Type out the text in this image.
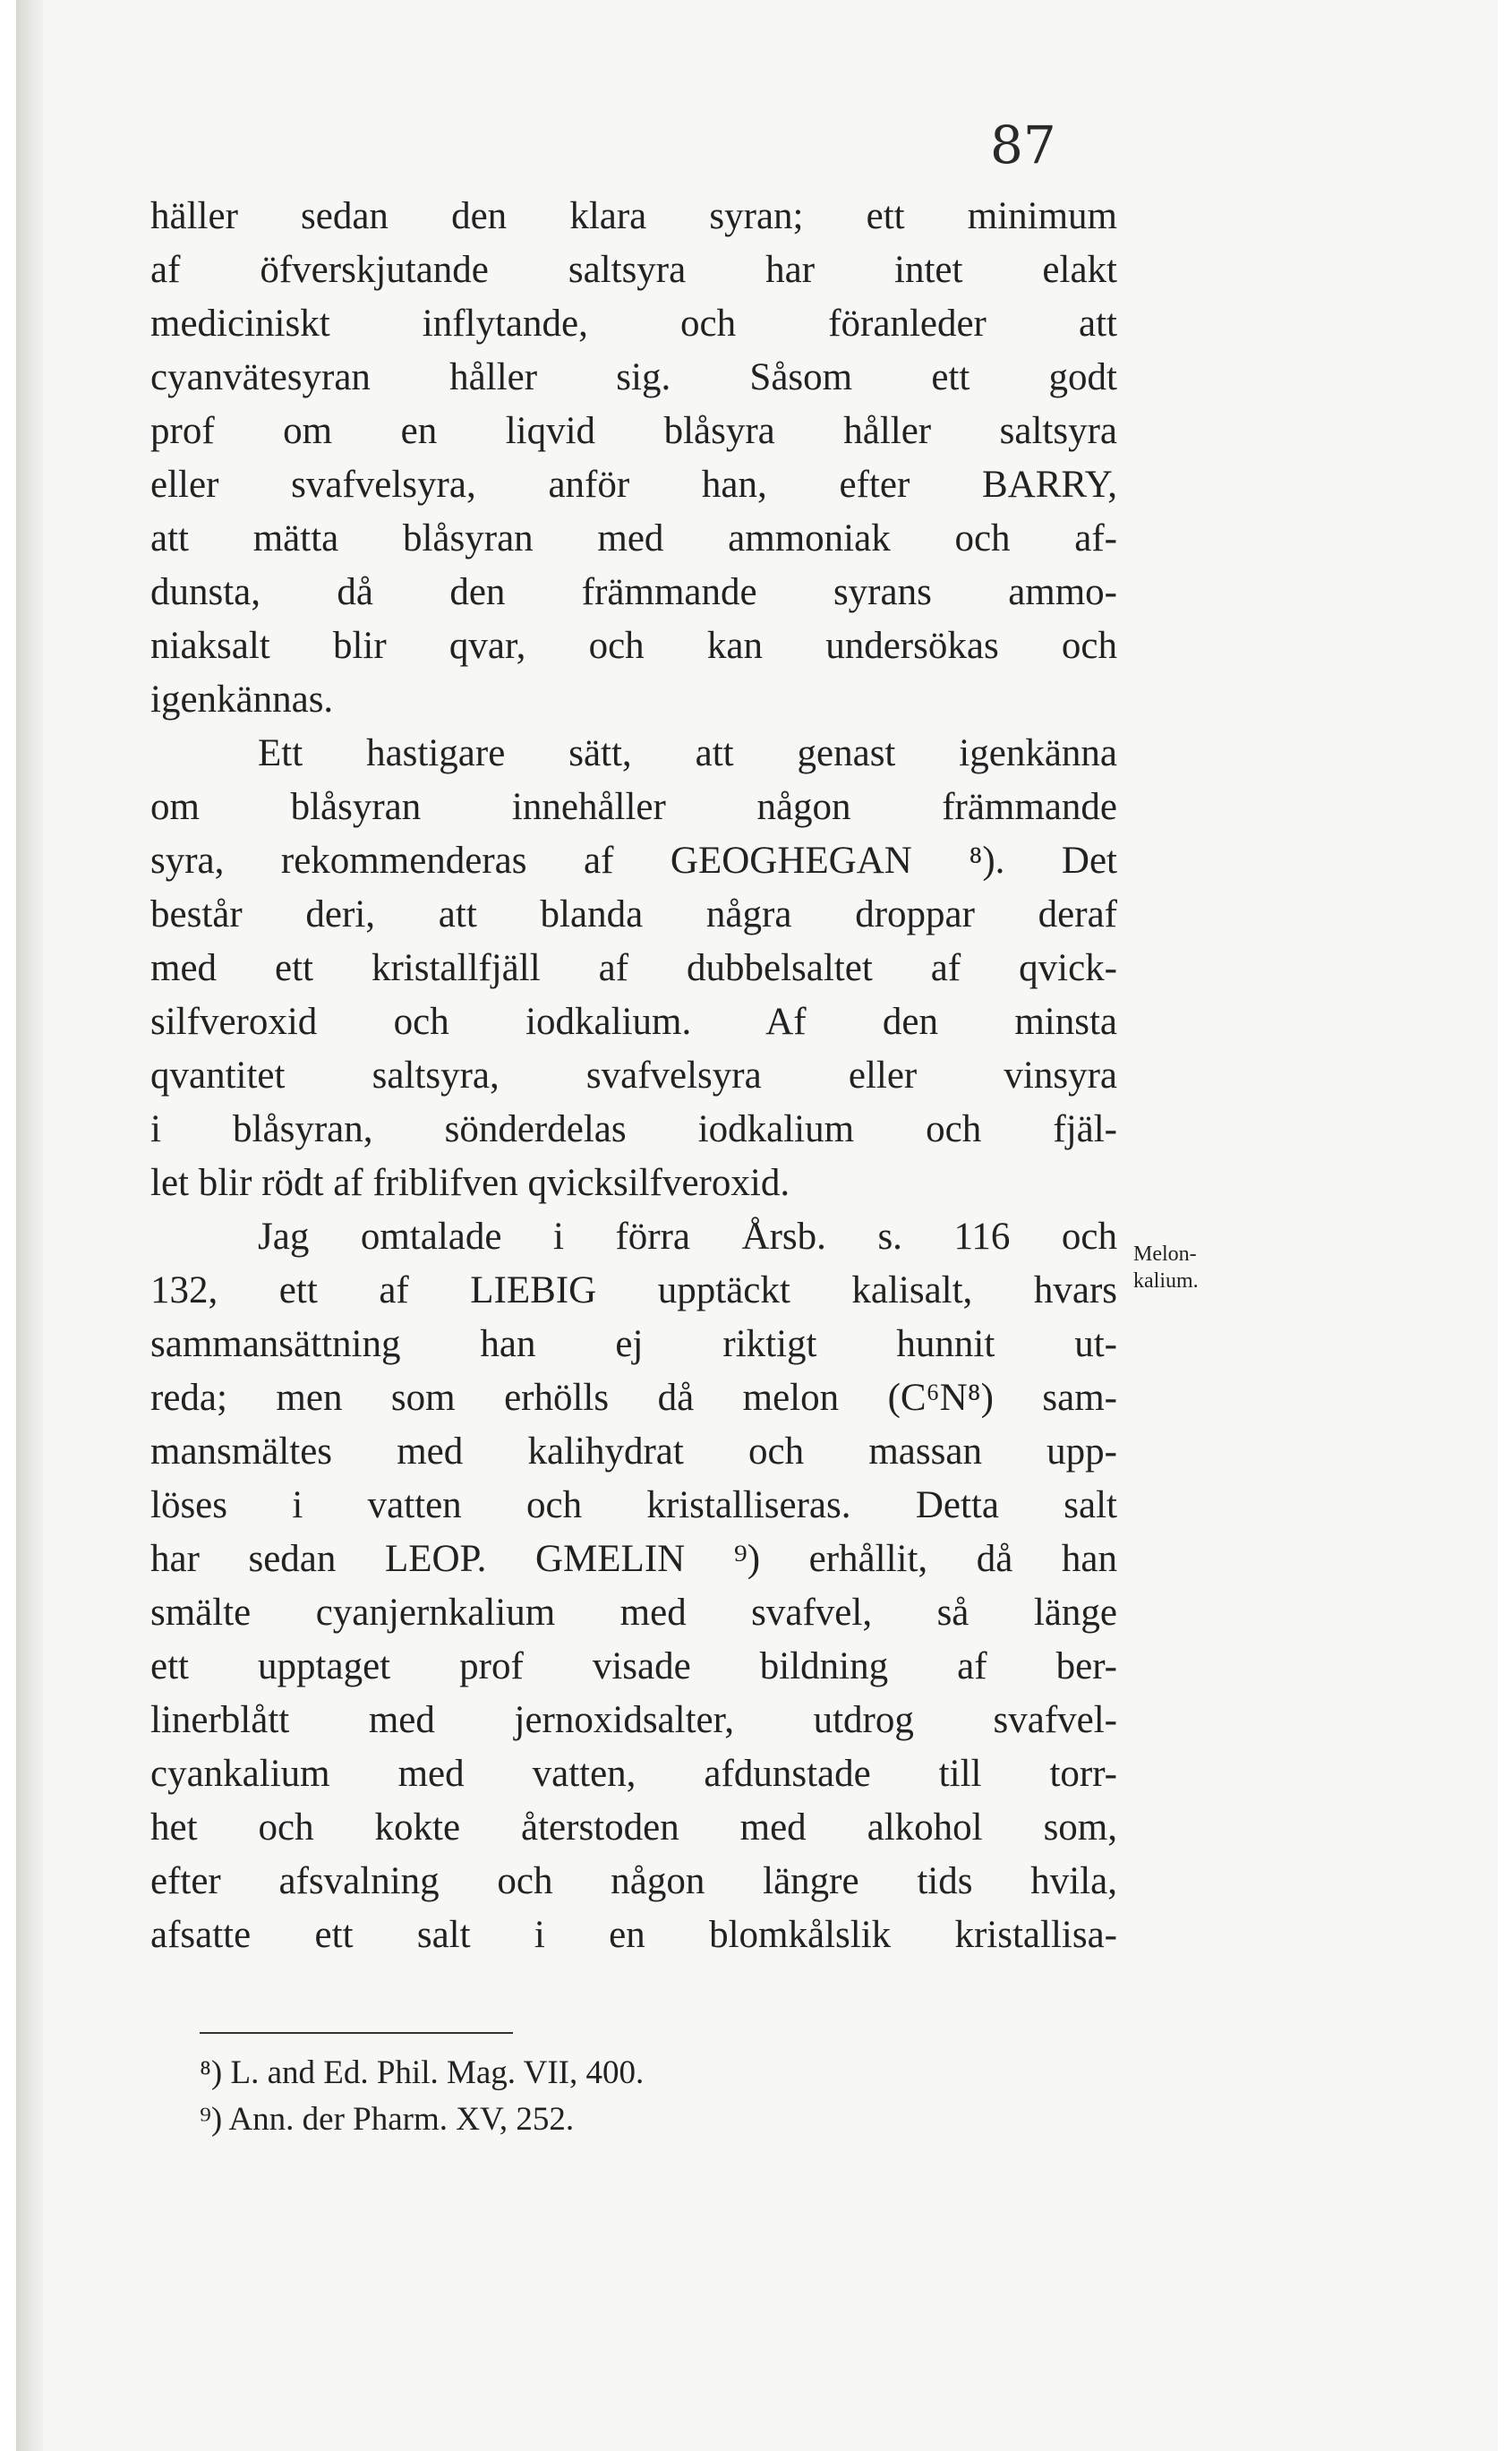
87
häller sedan den klara syran; ett minimum
af öfverskjutande saltsyra har intet elakt
mediciniskt inflytande, och föranleder att
cyanvätesyran håller sig. Såsom ett godt
prof om en liqvid blåsyra håller saltsyra
eller svafvelsyra, anför han, efter BARRY,
att mätta blåsyran med ammoniak och af-
dunsta, då den främmande syrans ammo-
niaksalt blir qvar, och kan undersökas och
igenkännas.
Ett hastigare sätt, att genast igenkänna
om blåsyran innehåller någon främmande
syra, rekommenderas af GEOGHEGAN ⁸). Det
består deri, att blanda några droppar deraf
med ett kristallfjäll af dubbelsaltet af qvick-
silfveroxid och iodkalium. Af den minsta
qvantitet saltsyra, svafvelsyra eller vinsyra
i blåsyran, sönderdelas iodkalium och fjäl-
let blir rödt af friblifven qvicksilfveroxid.
Jag omtalade i förra Årsb. s. 116 och
132, ett af LIEBIG upptäckt kalisalt, hvars
sammansättning han ej riktigt hunnit ut-
reda; men som erhölls då melon (C⁶N⁸) sam-
mansmältes med kalihydrat och massan upp-
löses i vatten och kristalliseras. Detta salt
har sedan LEOP. GMELIN ⁹) erhållit, då han
smälte cyanjernkalium med svafvel, så länge
ett upptaget prof visade bildning af ber-
linerblått med jernoxidsalter, utdrog svafvel-
cyankalium med vatten, afdunstade till torr-
het och kokte återstoden med alkohol som,
efter afsvalning och någon längre tids hvila,
afsatte ett salt i en blomkålslik kristallisa-
Melon-
kalium.
⁸) L. and Ed. Phil. Mag. VII, 400.
⁹) Ann. der Pharm. XV, 252.
